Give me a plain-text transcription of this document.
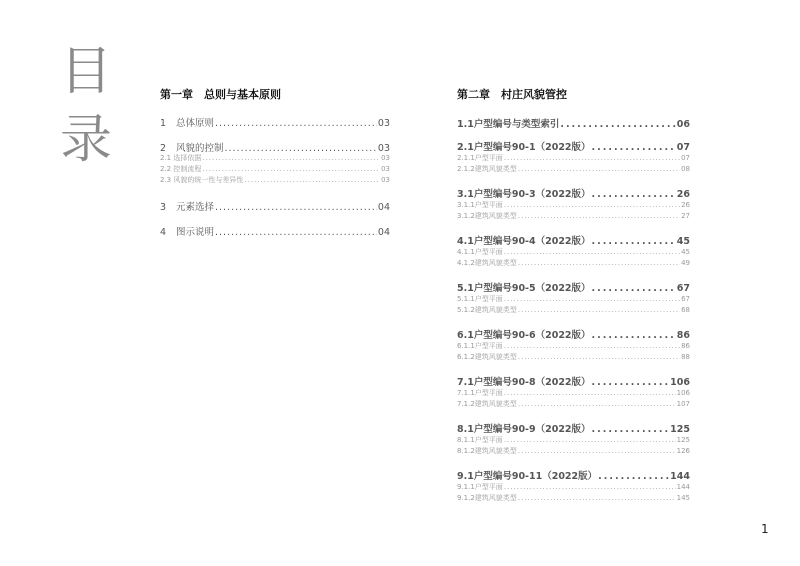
目
录
第一章　总则与基本原则
1 总体原则 .....	03
2 风貌的控制 .....	03
2.1 选择依据 .....	03
2.2 控制流程 .....	03
2.3 风貌的统一性与差异性 .....	03
3 元素选择 .....	04
4 图示说明 .....	04
第二章　村庄风貌管控
1.1户型编号与类型索引 .....	06
2.1户型编号90-1（2022版） .....	07
2.1.1户型平面 .....	07
2.1.2建筑风貌类型 .....	08
3.1户型编号90-3（2022版） .....	26
3.1.1户型平面 .....	26
3.1.2建筑风貌类型 .....	27
4.1户型编号90-4（2022版） .....	45
4.1.1户型平面 .....	45
4.1.2建筑风貌类型 .....	49
5.1户型编号90-5（2022版） .....	67
5.1.1户型平面 .....	67
5.1.2建筑风貌类型 .....	68
6.1户型编号90-6（2022版） .....	86
6.1.1户型平面 .....	86
6.1.2建筑风貌类型 .....	88
7.1户型编号90-8（2022版） .....	106
7.1.1户型平面 .....	106
7.1.2建筑风貌类型 .....	107
8.1户型编号90-9（2022版） .....	125
8.1.1户型平面 .....	125
8.1.2建筑风貌类型 .....	126
9.1户型编号90-11（2022版） .....	144
9.1.1户型平面 .....	144
9.1.2建筑风貌类型 .....	145
1
